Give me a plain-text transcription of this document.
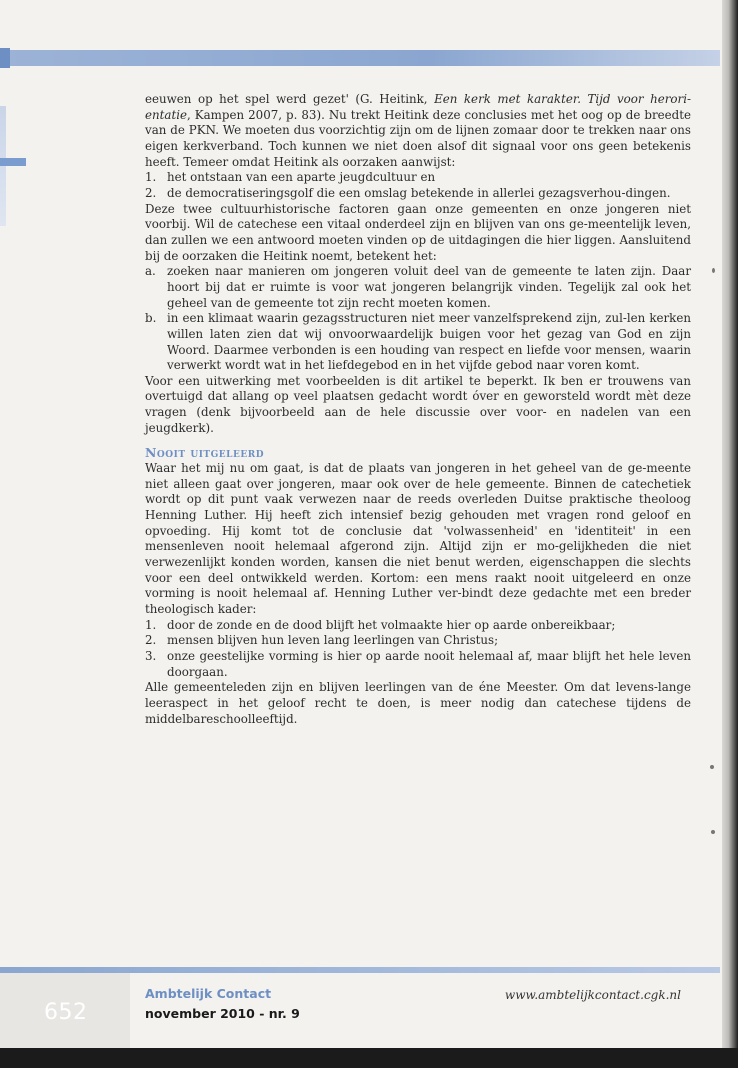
eeuwen op het spel werd gezet' (G. Heitink, Een kerk met karakter. Tijd voor herori-entatie, Kampen 2007, p. 83). Nu trekt Heitink deze conclusies met het oog op de breedte van de PKN. We moeten dus voorzichtig zijn om de lijnen zomaar door te trekken naar ons eigen kerkverband. Toch kunnen we niet doen alsof dit signaal voor ons geen betekenis heeft. Temeer omdat Heitink als oorzaken aanwijst:

1. het ontstaan van een aparte jeugdcultuur en
2. de democratiseringsgolf die een omslag betekende in allerlei gezagsverhou-dingen.

Deze twee cultuurhistorische factoren gaan onze gemeenten en onze jongeren niet voorbij. Wil de catechese een vitaal onderdeel zijn en blijven van ons ge-meentelijk leven, dan zullen we een antwoord moeten vinden op de uitdagingen die hier liggen. Aansluitend bij de oorzaken die Heitink noemt, betekent het:

a. zoeken naar manieren om jongeren voluit deel van de gemeente te laten zijn. Daar hoort bij dat er ruimte is voor wat jongeren belangrijk vinden. Tegelijk zal ook het geheel van de gemeente tot zijn recht moeten komen.
b. in een klimaat waarin gezagsstructuren niet meer vanzelfsprekend zijn, zul-len kerken willen laten zien dat wij onvoorwaardelijk buigen voor het gezag van God en zijn Woord. Daarmee verbonden is een houding van respect en liefde voor mensen, waarin verwerkt wordt wat in het liefdegebod en in het vijfde gebod naar voren komt.

Voor een uitwerking met voorbeelden is dit artikel te beperkt. Ik ben er trouwens van overtuigd dat allang op veel plaatsen gedacht wordt óver en geworsteld wordt mèt deze vragen (denk bijvoorbeeld aan de hele discussie over voor- en nadelen van een jeugdkerk).

Nooit uitgeleerd

Waar het mij nu om gaat, is dat de plaats van jongeren in het geheel van de ge-meente niet alleen gaat over jongeren, maar ook over de hele gemeente. Binnen de catechetiek wordt op dit punt vaak verwezen naar de reeds overleden Duitse praktische theoloog Henning Luther. Hij heeft zich intensief bezig gehouden met vragen rond geloof en opvoeding. Hij komt tot de conclusie dat 'volwassenheid' en 'identiteit' in een mensenleven nooit helemaal afgerond zijn. Altijd zijn er mo-gelijkheden die niet verwezenlijkt konden worden, kansen die niet benut werden, eigenschappen die slechts voor een deel ontwikkeld werden. Kortom: een mens raakt nooit uitgeleerd en onze vorming is nooit helemaal af. Henning Luther ver-bindt deze gedachte met een breder theologisch kader:

1. door de zonde en de dood blijft het volmaakte hier op aarde onbereikbaar;
2. mensen blijven hun leven lang leerlingen van Christus;
3. onze geestelijke vorming is hier op aarde nooit helemaal af, maar blijft het hele leven doorgaan.

Alle gemeenteleden zijn en blijven leerlingen van de éne Meester. Om dat levens-lange leeraspect in het geloof recht te doen, is meer nodig dan catechese tijdens de middelbareschoolleeftijd.

652
Ambtelijk Contact
november 2010 - nr. 9
www.ambtelijkcontact.cgk.nl
